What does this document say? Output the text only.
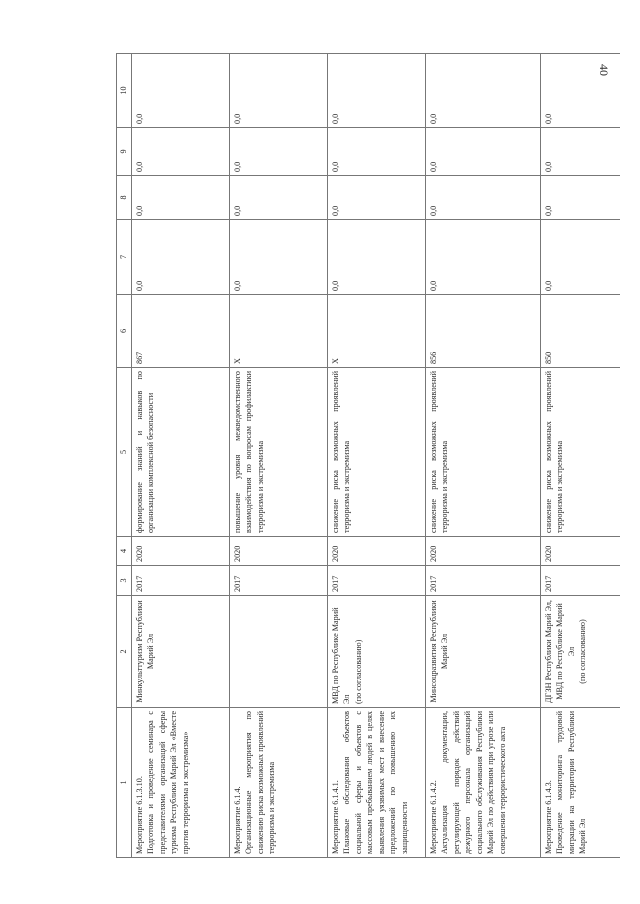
40
1	2	3	4	5	6	7	8	9	10
Мероприятие 6.1.3.10.
Подготовка и проведение семинара с представителями организаций сферы туризма Республики Марий Эл «Вместе против терроризма и экстремизма»	Минкульттуризм Республики Марий Эл	2017	2020	формирование знаний и навыков по организации комплексной безопасности	867	0,0	0,0	0,0	0,0
Мероприятие 6.1.4.
Организационные мероприятия по снижению риска возможных проявлений терроризма и экстремизма		2017	2020	повышение уровня межведомственного взаимодействия по вопросам профилактики терроризма и экстремизма	Х	0,0	0,0	0,0	0,0
Мероприятие 6.1.4.1.
Плановые обследования объектов социальной сферы и объектов с массовым пребыванием людей в целях выявления уязвимых мест и внесение предложений по повышению их защищенности	МВД по Республике Марий Эл
(по согласованию)	2017	2020	снижение риска возможных проявлений терроризма и экстремизма	Х	0,0	0,0	0,0	0,0
Мероприятие 6.1.4.2.
Актуализация документации, регулирующей порядок действий дежурного персонала организаций социального обслуживания Республики Марий Эл по действиям при угрозе или совершении террористического акта	Минсоцразвития Республики Марий Эл	2017	2020	снижение риска возможных проявлений терроризма и экстремизма	856	0,0	0,0	0,0	0,0
Мероприятие 6.1.4.3.
Проведение мониторинга трудовой миграции на территории Республики Марий Эл	ДГЗН Республики Марий Эл, МВД по Республике Марий Эл
(по согласованию)	2017	2020	снижение риска возможных проявлений терроризма и экстремизма	850	0,0	0,0	0,0	0,0
